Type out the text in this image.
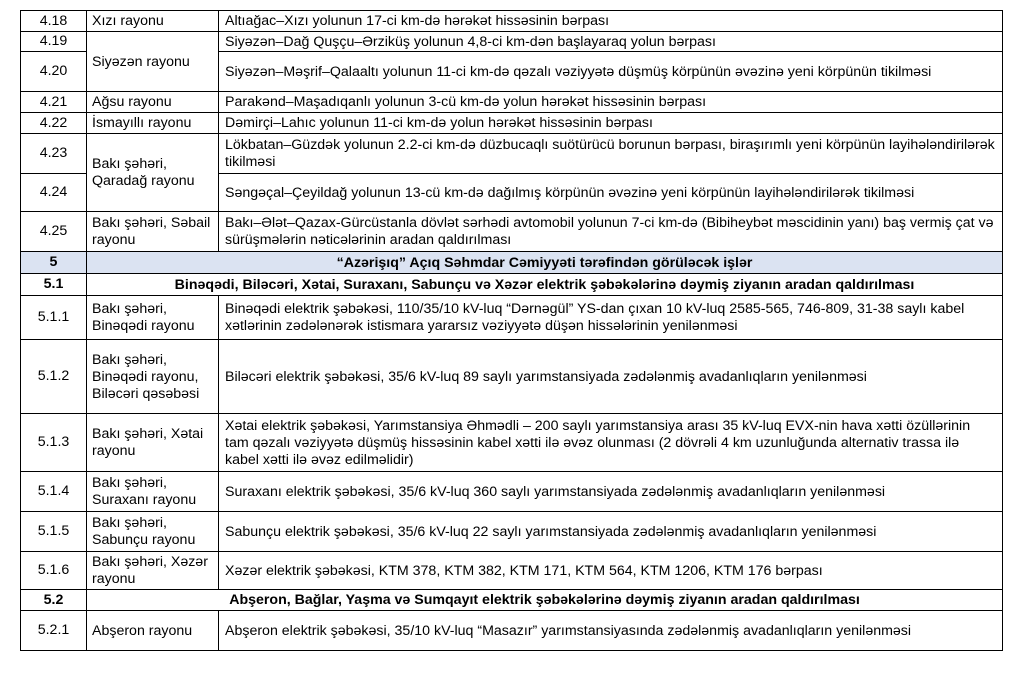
4.18	Xızı rayonu	Altıağac–Xızı yolunun 17-ci km-də hərəkət hissəsinin bərpası
4.19	Siyəzən rayonu	Siyəzən–Dağ Quşçu–Ərziküş yolunun 4,8-ci km-dən başlayaraq yolun bərpası
4.20		Siyəzən–Məşrif–Qalaaltı yolunun 11-ci km-də qəzalı vəziyyətə düşmüş körpünün əvəzinə yeni körpünün tikilməsi
4.21	Ağsu rayonu	Parakənd–Maşadıqanlı yolunun 3-cü km-də yolun hərəkət hissəsinin bərpası
4.22	İsmayıllı rayonu	Dəmirçi–Lahıc yolunun 11-ci km-də yolun hərəkət hissəsinin bərpası
4.23	Bakı şəhəri, Qaradağ rayonu	Lökbatan–Güzdək yolunun 2.2-ci km-də düzbucaqlı suötürücü borunun bərpası, biraşırımlı yeni körpünün layihələndirilərək tikilməsi
4.24		Səngəçal–Çeyildağ yolunun 13-cü km-də dağılmış körpünün əvəzinə yeni körpünün layihələndirilərək tikilməsi
4.25	Bakı şəhəri, Səbail rayonu	Bakı–Ələt–Qazax-Gürcüstanla dövlət sərhədi avtomobil yolunun 7-ci km-də (Bibiheybət məscidinin yanı) baş vermiş çat və sürüşmələrin nəticələrinin aradan qaldırılması
5	“Azərişıq” Açıq Səhmdar Cəmiyyəti tərəfindən görüləcək işlər	
5.1	Binəqədi, Biləcəri, Xətai, Suraxanı, Sabunçu və Xəzər elektrik şəbəkələrinə dəymiş ziyanın aradan qaldırılması	
5.1.1	Bakı şəhəri, Binəqədi rayonu	Binəqədi elektrik şəbəkəsi, 110/35/10 kV-luq “Dərnəgül” YS-dan çıxan 10 kV-luq 2585-565, 746-809, 31-38 saylı kabel xətlərinin zədələnərək istismara yararsız vəziyyətə düşən hissələrinin yenilənməsi
5.1.2	Bakı şəhəri, Binəqədi rayonu, Biləcəri qəsəbəsi	Biləcəri elektrik şəbəkəsi, 35/6 kV-luq 89 saylı yarımstansiyada zədələnmiş avadanlıqların yenilənməsi
5.1.3	Bakı şəhəri, Xətai rayonu	Xətai elektrik şəbəkəsi, Yarımstansiya Əhmədli – 200 saylı yarımstansiya arası 35 kV-luq EVX-nin hava xətti özüllərinin tam qəzalı vəziyyətə düşmüş hissəsinin kabel xətti ilə əvəz olunması (2 dövrəli 4 km uzunluğunda alternativ trassa ilə kabel xətti ilə əvəz edilməlidir)
5.1.4	Bakı şəhəri, Suraxanı rayonu	Suraxanı elektrik şəbəkəsi, 35/6 kV-luq 360 saylı yarımstansiyada zədələnmiş avadanlıqların yenilənməsi
5.1.5	Bakı şəhəri, Sabunçu rayonu	Sabunçu elektrik şəbəkəsi, 35/6 kV-luq 22 saylı yarımstansiyada zədələnmiş avadanlıqların yenilənməsi
5.1.6	Bakı şəhəri, Xəzər rayonu	Xəzər elektrik şəbəkəsi, KTM 378, KTM 382, KTM 171, KTM 564, KTM 1206, KTM 176 bərpası
5.2	Abşeron, Bağlar, Yaşma və Sumqayıt elektrik şəbəkələrinə dəymiş ziyanın aradan qaldırılması	
5.2.1	Abşeron rayonu	Abşeron elektrik şəbəkəsi, 35/10 kV-luq “Masazır” yarımstansiyasında zədələnmiş avadanlıqların yenilənməsi
